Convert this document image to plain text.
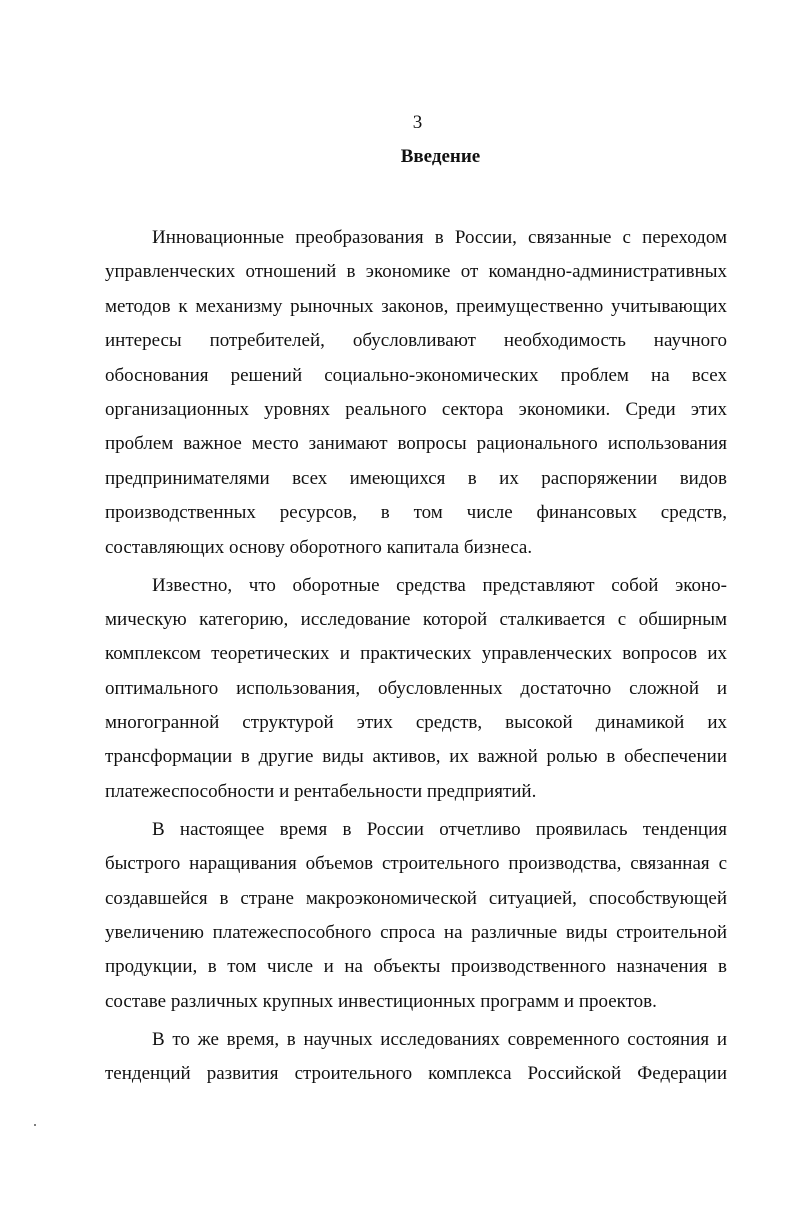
3
Введение
Инновационные преобразования в России, связанные с переходом
управленческих отношений в экономике от командно-административных
методов к механизму рыночных законов, преимущественно учитывающих
интересы потребителей, обусловливают необходимость научного
обоснования решений социально-экономических проблем на всех
организационных уровнях реального сектора экономики. Среди этих
проблем важное место занимают вопросы рационального использования
предпринимателями всех имеющихся в их распоряжении видов
производственных ресурсов, в том числе финансовых средств,
составляющих основу оборотного капитала бизнеса.
Известно, что оборотные средства представляют собой эконо-
мическую категорию, исследование которой сталкивается с обширным
комплексом теоретических и практических управленческих вопросов их
оптимального использования, обусловленных достаточно сложной и
многогранной структурой этих средств, высокой динамикой их
трансформации в другие виды активов, их важной ролью в обеспечении
платежеспособности и рентабельности предприятий.
В настоящее время в России отчетливо проявилась тенденция
быстрого наращивания объемов строительного производства, связанная с
создавшейся в стране макроэкономической ситуацией, способствующей
увеличению платежеспособного спроса на различные виды строительной
продукции, в том числе и на объекты производственного назначения в
составе различных крупных инвестиционных программ и проектов.
В то же время, в научных исследованиях современного состояния и
тенденций развития строительного комплекса Российской Федерации
